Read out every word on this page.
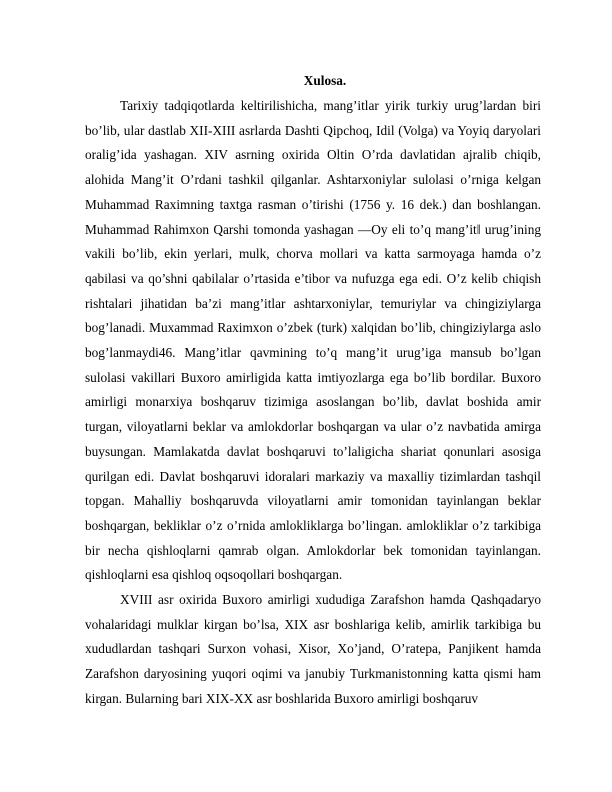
Xulosa.

Tarixiy tadqiqotlarda keltirilishicha, mang’itlar yirik turkiy urug’lardan biri bo’lib, ular dastlab XII-XIII asrlarda Dashti Qipchoq, Idil (Volga) va Yoyiq daryolari oralig’ida yashagan. XIV asrning oxirida Oltin O’rda davlatidan ajralib chiqib, alohida Mang’it O’rdani tashkil qilganlar. Ashtarxoniylar sulolasi o’rniga kelgan Muhammad Raximning taxtga rasman o’tirishi (1756 y. 16 dek.) dan boshlangan. Muhammad Rahimxon Qarshi tomonda yashagan —Oy eli to’q mang’it‖ urug’ining vakili bo’lib, ekin yerlari, mulk, chorva mollari va katta sarmoyaga hamda o’z qabilasi va qo’shni qabilalar o’rtasida e’tibor va nufuzga ega edi. O’z kelib chiqish rishtalari jihatidan ba’zi mang’itlar ashtarxoniylar, temuriylar va chingiziylarga bog’lanadi. Muxammad Raximxon o’zbek (turk) xalqidan bo’lib, chingiziylarga aslo bog’lanmaydi46. Mang’itlar qavmining to’q mang’it urug’iga mansub bo’lgan sulolasi vakillari Buxoro amirligida katta imtiyozlarga ega bo’lib bordilar. Buxoro amirligi monarxiya boshqaruv tizimiga asoslangan bo’lib, davlat boshida amir turgan, viloyatlarni beklar va amlokdorlar boshqargan va ular o’z navbatida amirga buysungan. Mamlakatda davlat boshqaruvi to’laligicha shariat qonunlari asosiga qurilgan edi. Davlat boshqaruvi idoralari markaziy va maxalliy tizimlardan tashqil topgan. Mahalliy boshqaruvda viloyatlarni amir tomonidan tayinlangan beklar boshqargan, bekliklar o’z o’rnida amlokliklarga bo’lingan. amlokliklar o’z tarkibiga bir necha qishloqlarni qamrab olgan. Amlokdorlar bek tomonidan tayinlangan. qishloqlarni esa qishloq oqsoqollari boshqargan.

XVIII asr oxirida Buxoro amirligi xududiga Zarafshon hamda Qashqadaryo vohalaridagi mulklar kirgan bo’lsa, XIX asr boshlariga kelib, amirlik tarkibiga bu xududlardan tashqari Surxon vohasi, Xisor, Xo’jand, O’ratepa, Panjikent hamda Zarafshon daryosining yuqori oqimi va janubiy Turkmanistonning katta qismi ham kirgan. Bularning bari XIX-XX asr boshlarida Buxoro amirligi boshqaruv
